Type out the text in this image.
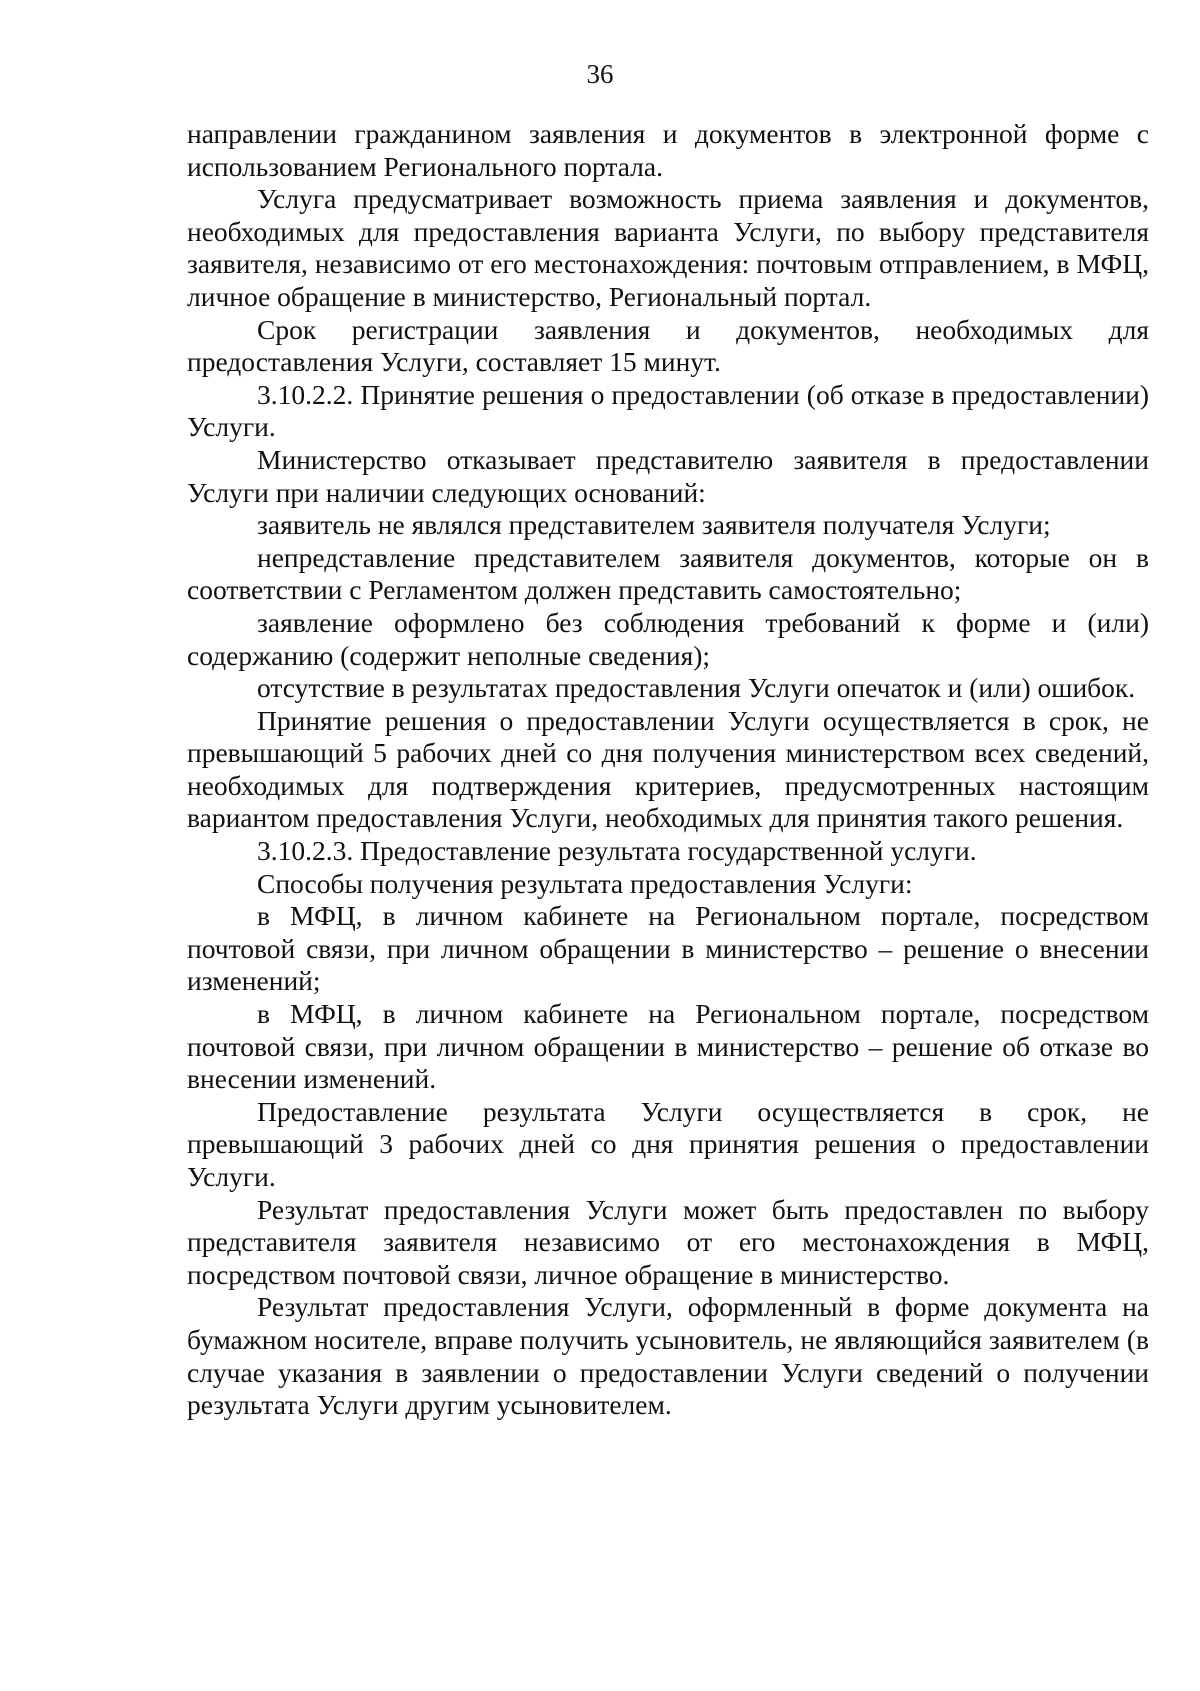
36

направлении гражданином заявления и документов в электронной форме с использованием Регионального портала.

Услуга предусматривает возможность приема заявления и документов, необходимых для предоставления варианта Услуги, по выбору представителя заявителя, независимо от его местонахождения: почтовым отправлением, в МФЦ, личное обращение в министерство, Региональный портал.

Срок регистрации заявления и документов, необходимых для предоставления Услуги, составляет 15 минут.

3.10.2.2. Принятие решения о предоставлении (об отказе в предоставлении) Услуги.

Министерство отказывает представителю заявителя в предоставлении Услуги при наличии следующих оснований:

заявитель не являлся представителем заявителя получателя Услуги;

непредставление представителем заявителя документов, которые он в соответствии с Регламентом должен представить самостоятельно;

заявление оформлено без соблюдения требований к форме и (или) содержанию (содержит неполные сведения);

отсутствие в результатах предоставления Услуги опечаток и (или) ошибок.

Принятие решения о предоставлении Услуги осуществляется в срок, не превышающий 5 рабочих дней со дня получения министерством всех сведений, необходимых для подтверждения критериев, предусмотренных настоящим вариантом предоставления Услуги, необходимых для принятия такого решения.

3.10.2.3. Предоставление результата государственной услуги.

Способы получения результата предоставления Услуги:

в МФЦ, в личном кабинете на Региональном портале, посредством почтовой связи, при личном обращении в министерство – решение о внесении изменений;

в МФЦ, в личном кабинете на Региональном портале, посредством почтовой связи, при личном обращении в министерство – решение об отказе во внесении изменений.

Предоставление результата Услуги осуществляется в срок, не превышающий 3 рабочих дней со дня принятия решения о предоставлении Услуги.

Результат предоставления Услуги может быть предоставлен по выбору представителя заявителя независимо от его местонахождения в МФЦ, посредством почтовой связи, личное обращение в министерство.

Результат предоставления Услуги, оформленный в форме документа на бумажном носителе, вправе получить усыновитель, не являющийся заявителем (в случае указания в заявлении о предоставлении Услуги сведений о получении результата Услуги другим усыновителем.
